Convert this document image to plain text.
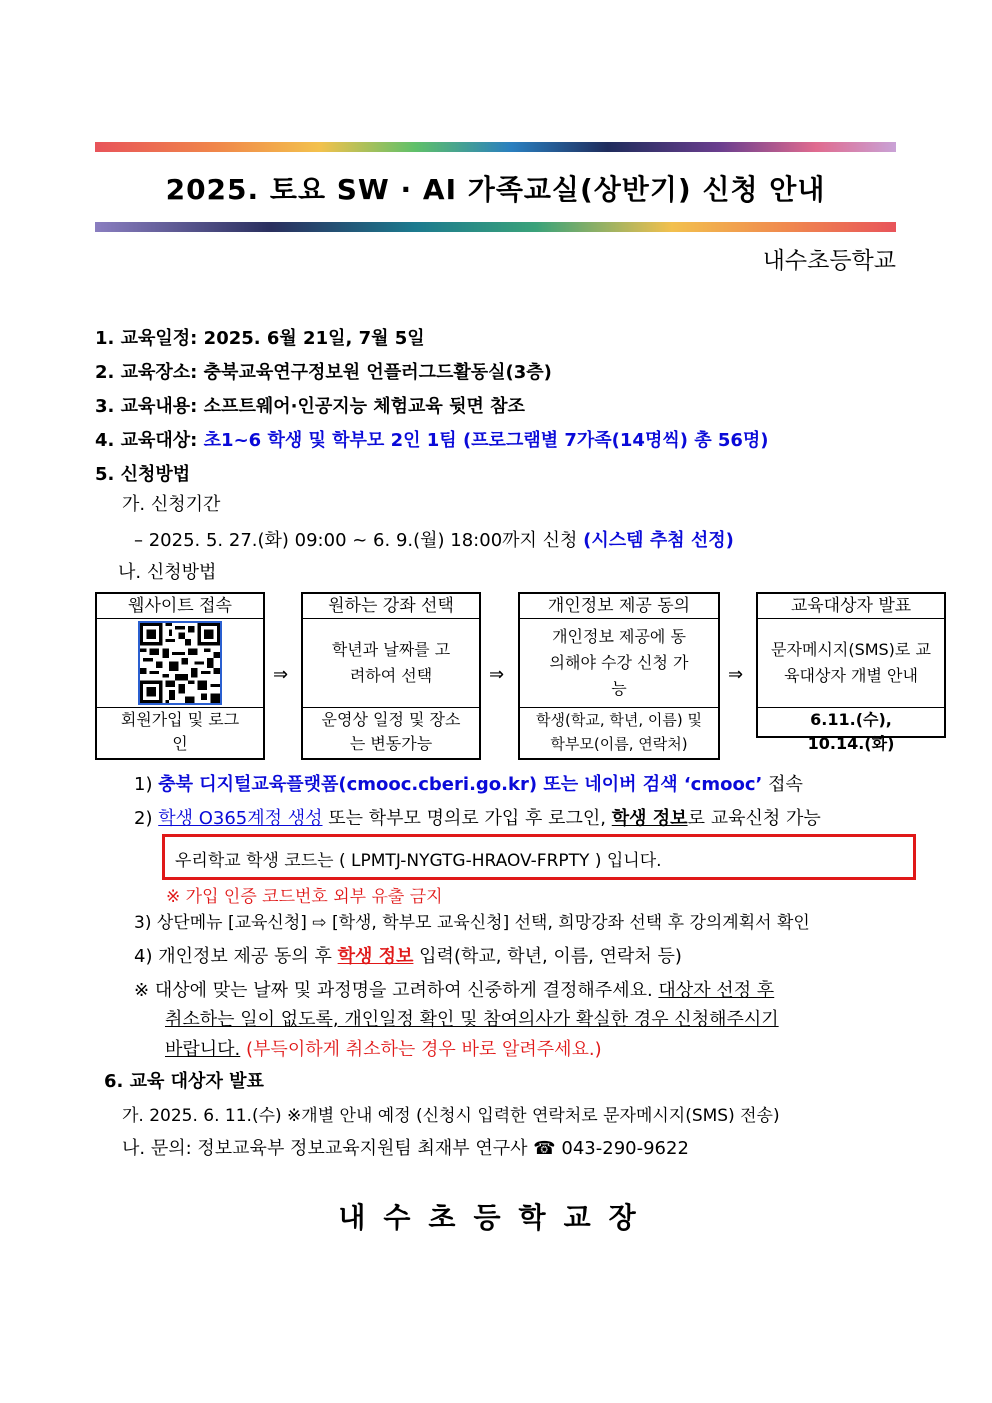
2025. 토요 SW · AI 가족교실(상반기) 신청 안내
내수초등학교
1. 교육일정: 2025. 6월 21일, 7월 5일
2. 교육장소: 충북교육연구정보원 언플러그드활동실(3층)
3. 교육내용: 소프트웨어·인공지능 체험교육 뒷면 참조
4. 교육대상: 초1~6 학생 및 학부모 2인 1팀 (프로그램별 7가족(14명씩) 총 56명)
5. 신청방법
가. 신청기간
– 2025. 5. 27.(화) 09:00 ~ 6. 9.(월) 18:00까지 신청 (시스템 추첨 선정)
나. 신청방법
웹사이트 접속
회원가입 및 로그인
⇒
원하는 강좌 선택
학년과 날짜를 고려하여 선택
운영상 일정 및 장소는 변동가능
⇒
개인정보 제공 동의
개인정보 제공에 동의해야 수강 신청 가능
학생(학교, 학년, 이름) 및 학부모(이름, 연락처)
⇒
교육대상자 발표
문자메시지(SMS)로 교육대상자 개별 안내
6.11.(수), 10.14.(화)
1) 충북 디지털교육플랫폼(cmooc.cberi.go.kr) 또는 네이버 검색 ‘cmooc’ 접속
2) 학생 O365계정 생성 또는 학부모 명의로 가입 후 로그인, 학생 정보로 교육신청 가능
우리학교 학생 코드는 ( LPMTJ-NYGTG-HRAOV-FRPTY ) 입니다.
※ 가입 인증 코드번호 외부 유출 금지
3) 상단메뉴 [교육신청] ⇨ [학생, 학부모 교육신청] 선택, 희망강좌 선택 후 강의계획서 확인
4) 개인정보 제공 동의 후 학생 정보 입력(학교, 학년, 이름, 연락처 등)
※ 대상에 맞는 날짜 및 과정명을 고려하여 신중하게 결정해주세요. 대상자 선정 후
취소하는 일이 없도록, 개인일정 확인 및 참여의사가 확실한 경우 신청해주시기
바랍니다. (부득이하게 취소하는 경우 바로 알려주세요.)
6. 교육 대상자 발표
가. 2025. 6. 11.(수) ※개별 안내 예정 (신청시 입력한 연락처로 문자메시지(SMS) 전송)
나. 문의: 정보교육부 정보교육지원팀 최재부 연구사 ☎ 043-290-9622
내수초등학교장
